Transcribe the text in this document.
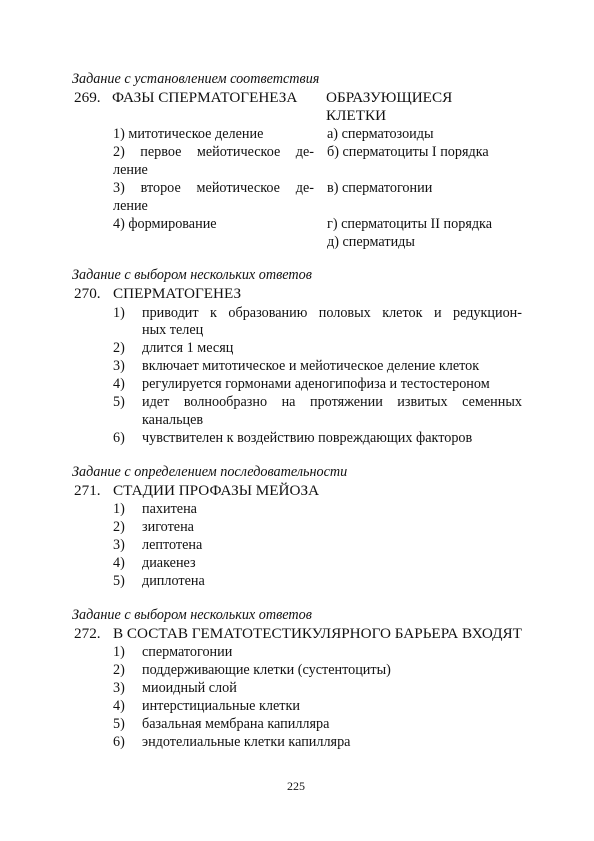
Задание с установлением соответствия
269. ФАЗЫ СПЕРМАТОГЕНЕЗА ОБРАЗУЮЩИЕСЯ
КЛЕТКИ
1) митотическое деление
2) первое мейотическое де-
ление
3) второе мейотическое де-
ление
4) формирование
а) сперматозоиды
б) сперматоциты I порядка
в) сперматогонии
г) сперматоциты II порядка
д) сперматиды
Задание с выбором нескольких ответов
270. СПЕРМАТОГЕНЕЗ
1) приводит к образованию половых клеток и редукцион-
ных телец
2) длится 1 месяц
3) включает митотическое и мейотическое деление клеток
4) регулируется гормонами аденогипофиза и тестостероном
5) идет волнообразно на протяжении извитых семенных
канальцев
6) чувствителен к воздействию повреждающих факторов
Задание с определением последовательности
271. СТАДИИ ПРОФАЗЫ МЕЙОЗА
1) пахитена
2) зиготена
3) лептотена
4) диакенез
5) диплотена
Задание с выбором нескольких ответов
272. В СОСТАВ ГЕМАТОТЕСТИКУЛЯРНОГО БАРЬЕРА ВХОДЯТ
1) сперматогонии
2) поддерживающие клетки (сустентоциты)
3) миоидный слой
4) интерстициальные клетки
5) базальная мембрана капилляра
6) эндотелиальные клетки капилляра
225
